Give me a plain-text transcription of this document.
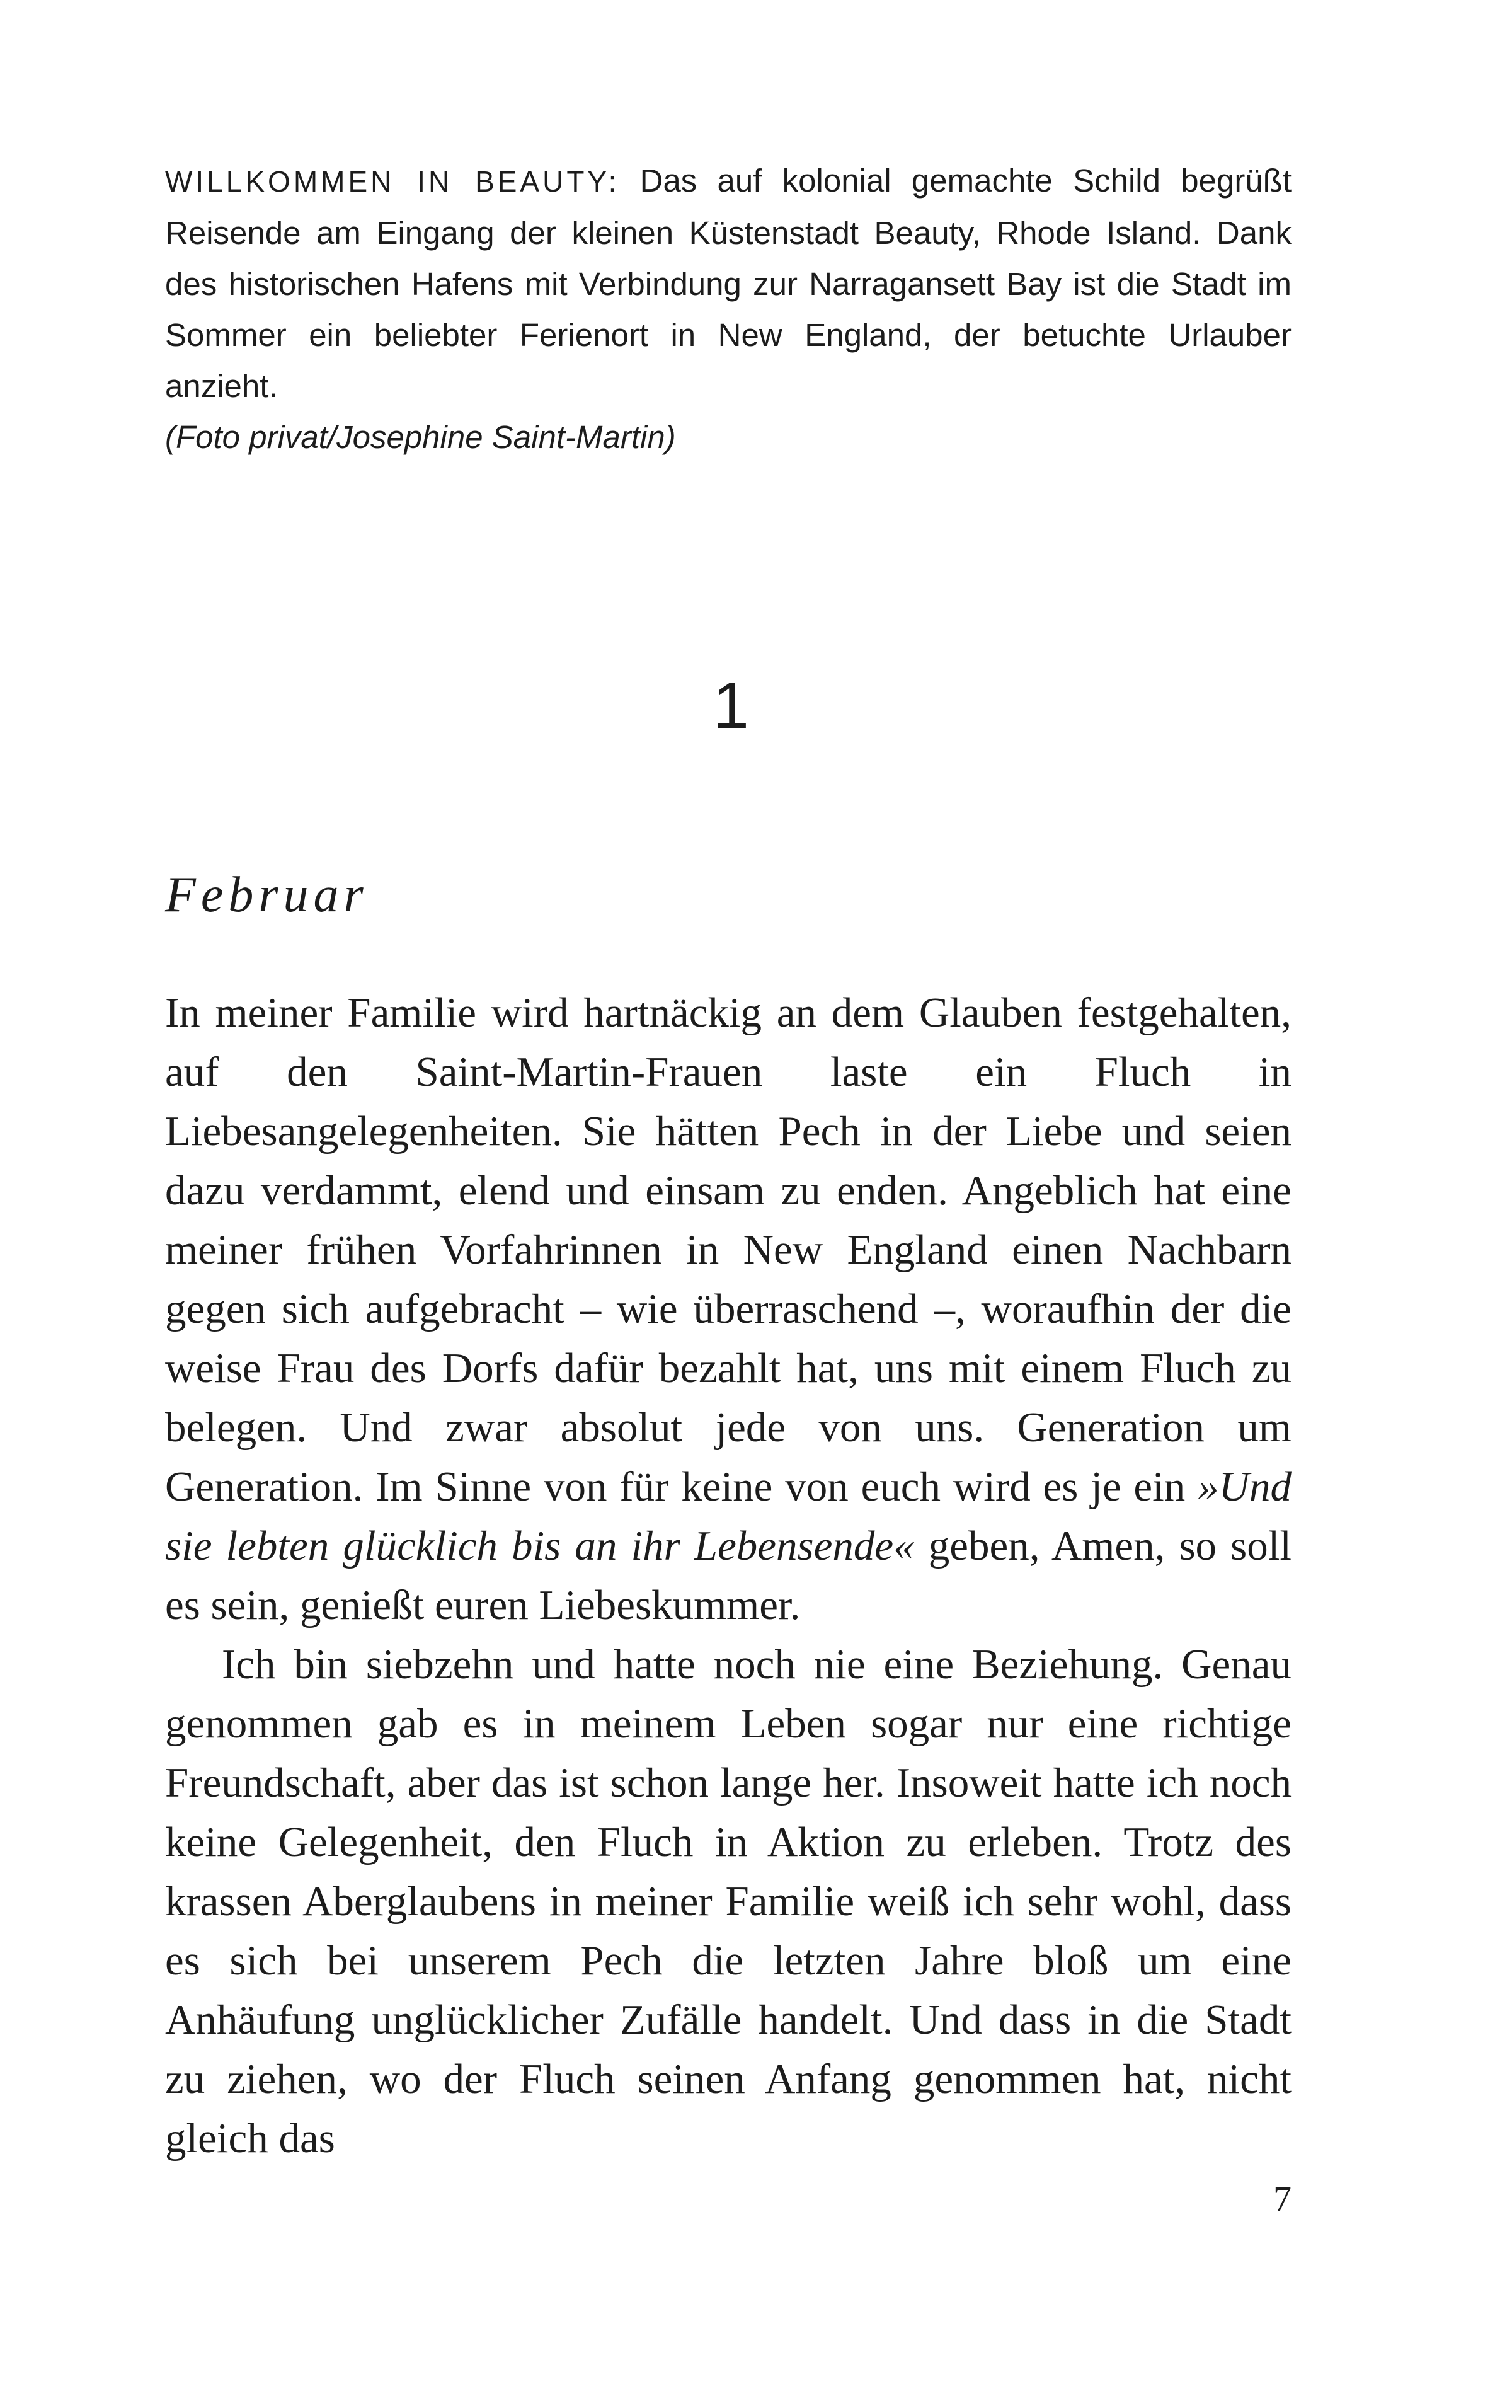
WILLKOMMEN IN BEAUTY: Das auf kolonial gemachte Schild begrüßt Reisende am Eingang der kleinen Küstenstadt Beauty, Rhode Island. Dank des historischen Hafens mit Verbindung zur Narragansett Bay ist die Stadt im Sommer ein beliebter Ferienort in New England, der betuchte Urlauber anzieht.
(Foto privat/Josephine Saint-Martin)

1
Februar

In meiner Familie wird hartnäckig an dem Glauben festgehalten, auf den Saint-Martin-Frauen laste ein Fluch in Liebesangelegenheiten. Sie hätten Pech in der Liebe und seien dazu verdammt, elend und einsam zu enden. Angeblich hat eine meiner frühen Vorfahrinnen in New England einen Nachbarn gegen sich aufgebracht – wie überraschend –, woraufhin der die weise Frau des Dorfs dafür bezahlt hat, uns mit einem Fluch zu belegen. Und zwar absolut jede von uns. Generation um Generation. Im Sinne von für keine von euch wird es je ein »Und sie lebten glücklich bis an ihr Lebensende« geben, Amen, so soll es sein, genießt euren Liebeskummer.

Ich bin siebzehn und hatte noch nie eine Beziehung. Genau genommen gab es in meinem Leben sogar nur eine richtige Freundschaft, aber das ist schon lange her. Insoweit hatte ich noch keine Gelegenheit, den Fluch in Aktion zu erleben. Trotz des krassen Aberglaubens in meiner Familie weiß ich sehr wohl, dass es sich bei unserem Pech die letzten Jahre bloß um eine Anhäufung unglücklicher Zufälle handelt. Und dass in die Stadt zu ziehen, wo der Fluch seinen Anfang genommen hat, nicht gleich das

7
